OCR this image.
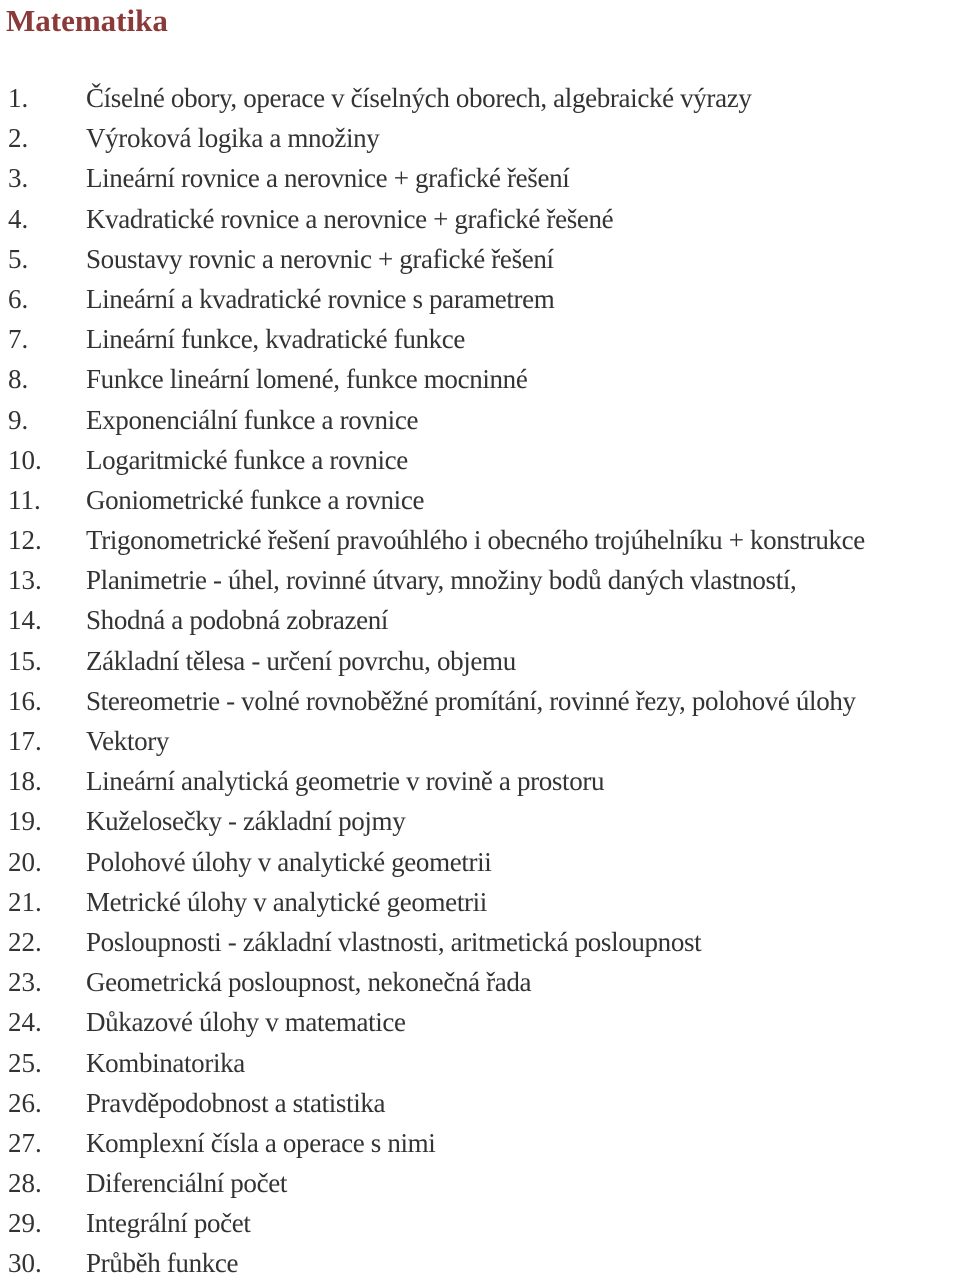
Matematika
1. Číselné obory, operace v číselných oborech, algebraické výrazy
2. Výroková logika a množiny
3. Lineární rovnice a nerovnice + grafické řešení
4. Kvadratické rovnice a nerovnice + grafické řešené
5. Soustavy rovnic a nerovnic + grafické řešení
6. Lineární a kvadratické rovnice s parametrem
7. Lineární funkce, kvadratické funkce
8. Funkce lineární lomené, funkce mocninné
9. Exponenciální funkce a rovnice
10. Logaritmické funkce a rovnice
11. Goniometrické funkce a rovnice
12. Trigonometrické řešení pravoúhlého i obecného trojúhelníku + konstrukce
13. Planimetrie - úhel, rovinné útvary, množiny bodů daných vlastností,
14. Shodná a podobná zobrazení
15. Základní tělesa - určení povrchu, objemu
16. Stereometrie - volné rovnoběžné promítání, rovinné řezy, polohové úlohy
17. Vektory
18. Lineární analytická geometrie v rovině a prostoru
19. Kuželosečky - základní pojmy
20. Polohové úlohy v analytické geometrii
21. Metrické úlohy v analytické geometrii
22. Posloupnosti - základní vlastnosti, aritmetická posloupnost
23. Geometrická posloupnost, nekonečná řada
24. Důkazové úlohy v matematice
25. Kombinatorika
26. Pravděpodobnost a statistika
27. Komplexní čísla a operace s nimi
28. Diferenciální počet
29. Integrální počet
30. Průběh funkce
